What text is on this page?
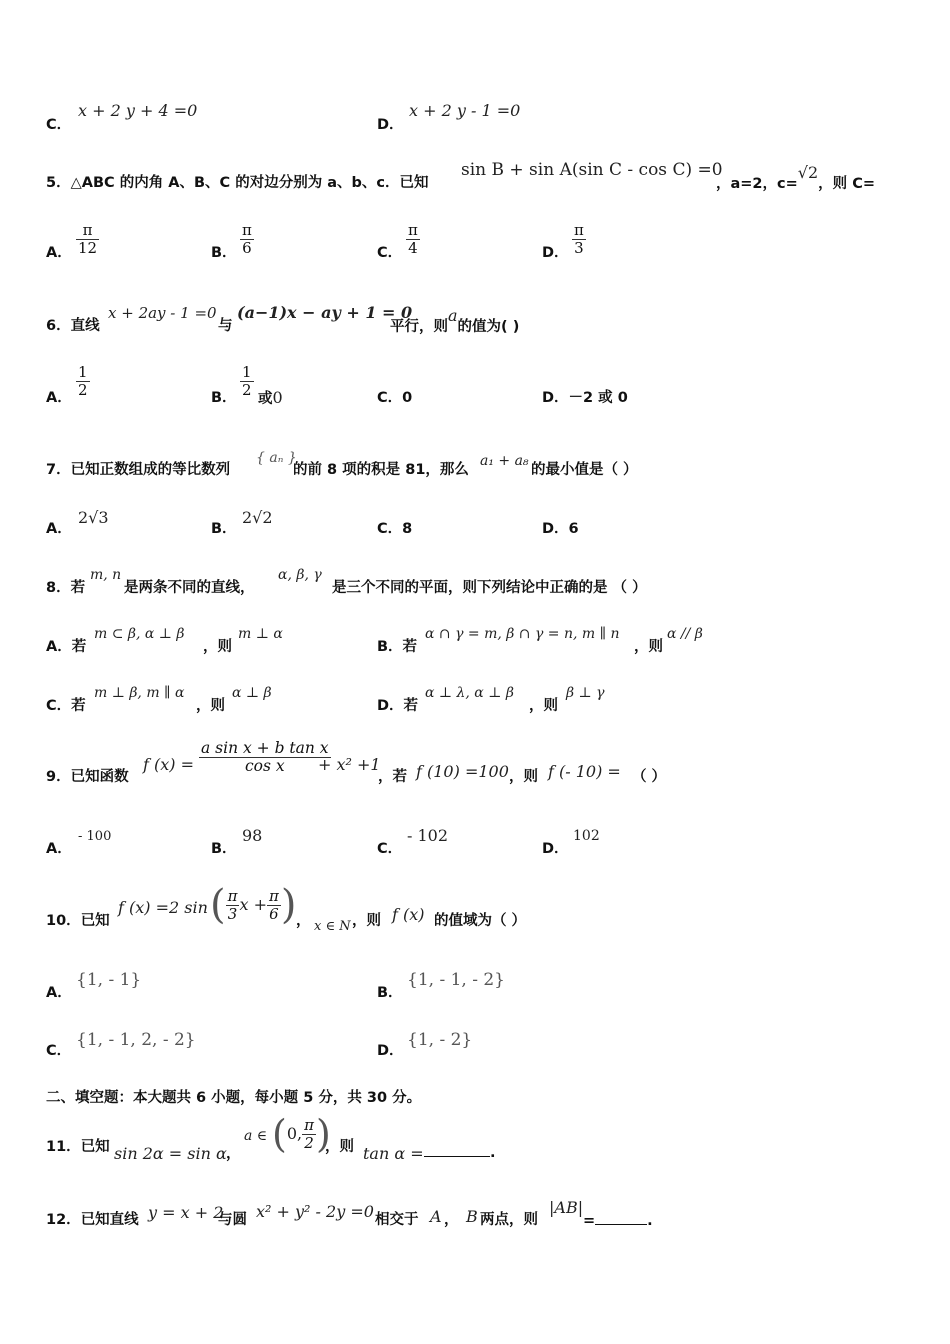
C．
x + 2 y + 4 =0
D．
x + 2 y - 1 =0
5．△ABC 的内角 A、B、C 的对边分别为 a、b、c．已知
sin B + sin A(sin C - cos C) =0
，a=2，c=√2，则 C=
A． $\frac{\pi}{12}$	B． $\frac{\pi}{6}$	C． $\frac{\pi}{4}$	D． $\frac{\pi}{3}$
6．直线
x + 2ay - 1 =0
与
(a−1)x − ay + 1 = 0
平行，则a的值为( )
A． $\frac{1}{2}$	B． $\frac{1}{2}$ 或0	C．0	D．－2 或 0
7．已知正数组成的等比数列
{ aₙ }
的前 8 项的积是 81，那么
a₁ + a₈
的最小值是（ ）
A．
2√3
B．
2√2
C．8	D．6
8．若
m, n
是两条不同的直线，
α, β, γ
是三个不同的平面，则下列结论中正确的是 （ ）
A．若
m ⊂ β, α ⊥ β
，则
m ⊥ α
B．若
α ∩ γ = m, β ∩ γ = n, m ∥ n
，则
α // β
C．若
m ⊥ β, m ∥ α
，则
α ⊥ β
D．若
α ⊥ λ, α ⊥ β
，则
β ⊥ γ
9．已知函数
f $(x) = \frac{\text{a sin x + b tan x}}{\text{cos x}}$
+ x² +1
，若 f (10) =100 ，则 f (- 10) = （ ）
A．
- 100
B．
98
C．
- 102
D．
102
10．已知
f (x) =2 sin ( $\frac{\pi}{3}$ $x + \frac{\pi}{6}$ ) ， x ∈ N ，则 f (x) 的值域为（ ）
A．
{1, - 1}
B．
{1, - 1, - 2}
C．
{1, - 1, 2, - 2}
D．
{1, - 2}
二、填空题：本大题共 6 小题，每小题 5 分，共 30 分。
11．已知 sin 2α = sin α ，
a ∈ (0, $\frac{\pi}{2}$ )
，则 tan α =	.
12．已知直线 y = x + 2
与圆 x² + y² - 2y =0 相交于 A ， B 两点，则
|AB|
=	.
